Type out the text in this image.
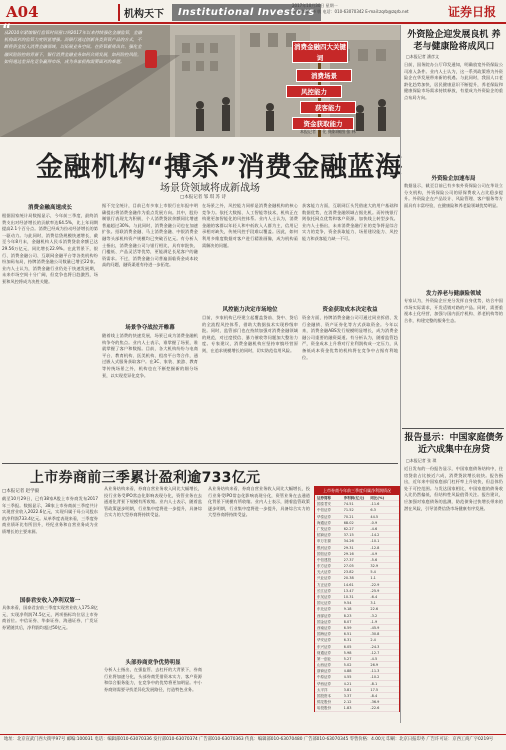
A04	机构天下	Institutional Investors
2017年10月30日 星期一
责任编辑：李 敏 电话：010-63070342 E-mail:zqrb@zqrb.net	证券日报
消费金融四大关键词
消费场景
风控能力
获客能力
资金获取能力
“
从2010年紧缩银行监管时间窗口到2017年以来持续强化金融监管，金融机构面对的监管力度明显增强。而银行通过创新各类资管产品的方式，不断将资金投入消费金融领域，以拓展业务空间。在资管新规出台、强化金融风险防控的背景下，银行消费金融业务如何合规发展，如何防控风险，如何通过差异化竞争赢得市场，成为各家机构需要面对的难题。
本报记者 卞 化 摄影/制图 张 林
金融机构“搏杀”消费金融蓝海
场景贷领域将成新战场
□本报记者 邹 琪 苏 诗
消费金融高速成长
根据国家统计局数据显示，今年前三季度，最终消费支出对经济增长的贡献率达64.5%，比上年同期提高2.1个百分点。消费已经成为拉动经济增长的第一驱动力。与此同时，消费信贷规模快速增长，截至今年8月末，金融机构人民币消费贷款余额已达29.56万亿元，同比增长22.9%。在此背景下，银行、消费金融公司、互联网金融平台等各类机构纷纷加码布局，持牌消费金融公司数量已增至22家。业内人士认为，消费金融行业仍处于快速发展期，未来市场空间十分广阔，但竞争也将日趋激烈，场景和风控将成为决胜关键。
据不完全统计，目前已有多家上市银行在年报中明确提出将消费金融作为重点发展方向。其中，股份制银行表现尤为积极，个人消费贷款余额同比增速普遍超过30%。与此同时，消费金融公司也在加速扩张。招联消费金融、马上消费金融、中银消费金融等头部机构资产规模均已突破百亿元。有分析人士指出，消费金融公司与银行相比，具有审批快、门槛低、产品灵活等优势，更能满足长尾客户的融资需求。不过，消费金融公司普遍面临资金成本较高的问题，融资渠道有待进一步拓宽。
场景争夺战拉开帷幕
随着线上消费的快速发展，场景已成为消费金融机构争夺的焦点。业内人士表示，谁掌握了场景，谁就掌握了客户和数据。目前，各大机构纷纷与电商平台、教育机构、医美机构、租房平台等合作，通过嵌入式服务获取客户。在3C、家装、旅游、教育等传统场景之外，机构也在不断挖掘新的细分场景，以实现差异化竞争。
在场景之外，风控能力同样是消费金融机构的核心竞争力。依托大数据、人工智能等技术，机构正在构建更加智能化的风控体系。业内人士认为，消费金融的客群以年轻人和中低收入人群为主，信用记录相对缺失，传统风控手段难以覆盖。因此，如何利用多维度数据对客户进行精准画像，成为机构亟需解决的问题。
风控能力决定市场地位
目前，多家机构已经建立起覆盖贷前、贷中、贷后的全流程风控体系，借助大数据技术实现秒级审批。同时，监管部门也在持续加强对消费金融领域的规范，对过度授信、暴力催收等问题加大整治力度。专家建议，消费金融机构应坚持审慎经营原则，在追求规模增长的同时，切实防范信用风险。
获客能力方面，互联网巨头凭借庞大的用户基础和数据优势，在消费金融领域占据先机。而传统银行则依托网点优势和客户资源，加快线上转型步伐。业内人士指出，未来消费金融行业的竞争将是综合实力的竞争，资金获取能力、场景建设能力、风控能力和获客能力缺一不可。
资金获取成本决定收益
资金方面，持牌消费金融公司可通过同业拆借、发行金融债、资产证券化等方式获取资金。今年以来，消费金融ABS发行规模明显增长，成为消费金融公司重要的融资渠道。有分析认为，随着监管趋严，资金成本上升将对行业利润构成一定压力，具备低成本资金优势的机构将在竞争中占据有利地位。
外资险企迎发展良机 养老与健康险将成风口
□本报记者 潘彦文
日前，国务院办公厅印发通知，明确放宽外资保险公司准入条件。业内人士认为，这一系列政策将为外资险企在华发展带来新的机遇。与此同时，我国人口老龄化趋势加快，居民健康意识不断提升，养老保险和健康保险市场需求持续释放，有望成为外资险企的重点布局方向。
外资险企加速布局
数据显示，截至目前已有多家外资保险公司在华设立分支机构，外资保险公司的原保费收入占比稳步提升。外资险企在产品设计、风险管理、客户服务等方面具有丰富经验，在健康险和养老险领域优势明显。
发力养老与健康险领域
专家认为，外资险企应充分发挥自身优势，结合中国市场实际需求，开发适销对路的产品。同时，需要重视本土化经营，加强与国内医疗机构、养老机构等的合作，构建完整的服务生态。
报告显示：中国家庭债务近六成集中在房贷
□本报记者 张 琪
近日发布的一份报告显示，中国家庭债务结构中，住房贷款占比接近六成，消费贷款增长较快。报告指出，近年来中国家庭部门杠杆率上升较快，但总体仍处于可控范围。与发达国家相比，中国家庭的债务收入比仍然偏低，但结构性风险值得关注。报告建议，应加强对家庭债务的监测，防范债务过快增长带来的潜在风险，引导消费信贷市场健康有序发展。
上市券商前三季累计盈利逾733亿元
□本报记者 赵学毅
截至10月29日，已有38家A股上市券商发布2017年三季报。数据显示，38家上市券商前三季度共计实现营业收入2022.6亿元，实现归属于母公司股东的净利润733.4亿元。从单季度表现来看，三季度券商业绩环比有所回升，经纪业务和自营业务成为业绩增长的主要来源。
国泰君安收入净利双第一
具体来看，国泰君安前三季度实现营业收入175.8亿元，实现净利润74.5亿元，两项指标均位居上市券商首位。中信证券、华泰证券、海通证券、广发证券紧随其后，净利润均超过50亿元。
从业务结构来看，券商自营业务收入同比大幅增长，投行业务受IPO常态化影响表现分化，资管业务在去通道化背景下规模有所收缩。业内人士表示，随着监管政策逐步明朗，行业集中度将进一步提升，具备综合实力的大型券商将持续受益。
头部券商竞争优势明显
分析人士指出，在强监管、去杠杆的大背景下，券商行业将加速分化，头部券商凭借资本实力、客户资源和综合服务能力，在竞争中的优势将更加明显。中小券商则需要寻找差异化发展路径，打造特色业务。
从业务结构来看，券商自营业务收入同比大幅增长，投行业务受IPO常态化影响表现分化，资管业务在去通道化背景下规模有所收缩。业内人士表示，随着监管政策逐步明朗，行业集中度将进一步提升，具备综合实力的大型券商将持续受益。
上市券商今年前三季度归属净利润情况
证券简称	净利润(亿元)	同比(%)
国泰君安	74.51	-11.6
中信证券	71.52	6.3
华泰证券	70.21	44.5
海通证券	68.02	-0.9
广发证券	62.27	-4.6
招商证券	37.15	-14.2
申万宏源	34.26	-10.1
银河证券	29.31	-12.8
国信证券	29.16	-4.9
中信建投	27.37	-5.6
东方证券	27.05	32.9
光大证券	23.82	5.4
兴业证券	20.38	1.1
方正证券	14.61	-22.9
长江证券	13.47	-25.9
东吴证券	10.31	-6.4
国元证券	9.54	3.1
东北证券	9.18	22.6
西部证券	8.23	-3.2
国金证券	8.07	-1.9
西南证券	6.59	-45.9
国海证券	6.51	-30.8
华安证券	6.31	2.4
东兴证券	6.05	-24.3
财通证券	5.98	-12.7
第一创业	5.27	-4.5
山西证券	5.02	26.9
浙商证券	4.88	-11.3
中原证券	4.55	-10.2
华西证券	4.21	-8.1
太平洋	3.81	17.5
国投资本	3.37	-8.4
锦龙股份	2.12	-36.9
哈投股份	1.83	-22.6
地址：北京宣武门西大街甲97号 邮编:100031 电话：编辑部010-63070336 发行部010-63070374 广告部010-63070363 传真：编辑部010-63070480 广告部010-63070345 零售价格：4.00元 印刷：北京日报印务 广告许可证：京西工商广字0219号
